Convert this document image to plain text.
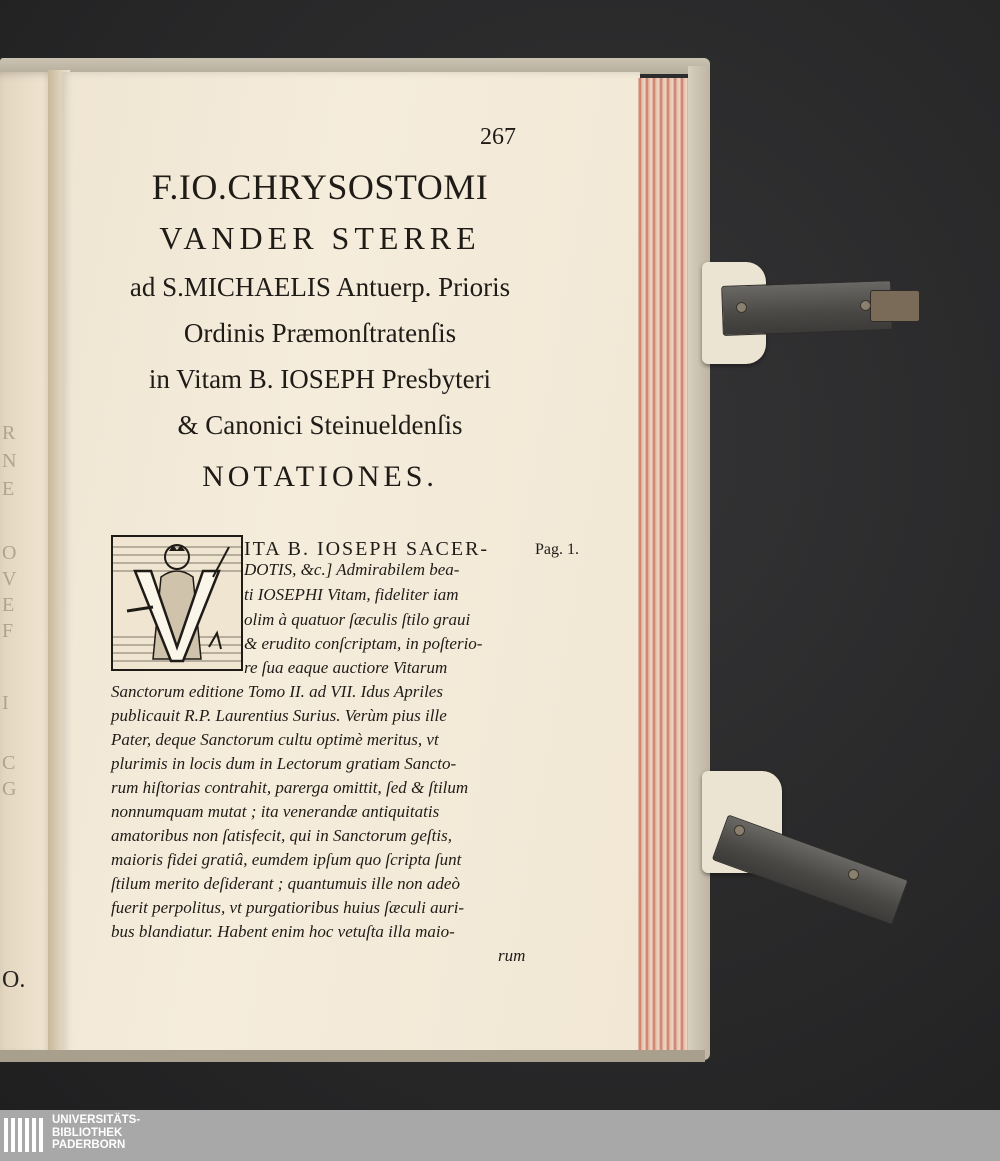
R
N
E
O
V
E
F
I
C
G
O.
267
F.IO.CHRYSOSTOMI
VANDER STERRE
ad S.MICHAELIS Antuerp. Prioris
Ordinis Præmonſtratenſis
in Vitam B. IOSEPH Presbyteri
& Canonici Steinueldenſis
NOTATIONES.
Pag. 1.
ITA B. IOSEPH SACER-
DOTIS, &c.] Admirabilem bea-
ti IOSEPHI Vitam, fideliter iam
olim à quatuor ſæculis ſtilo graui
& erudito conſcriptam, in poſterio-
re ſua eaque auctiore Vitarum
Sanctorum editione Tomo II. ad VII. Idus Apriles
publicauit R.P. Laurentius Surius. Verùm pius ille
Pater, deque Sanctorum cultu optimè meritus, vt
plurimis in locis dum in Lectorum gratiam Sancto-
rum hiſtorias contrahit, parerga omittit, ſed & ſtilum
nonnumquam mutat ; ita venerandæ antiquitatis
amatoribus non ſatisfecit, qui in Sanctorum geſtis,
maioris fidei gratiâ, eumdem ipſum quo ſcripta ſunt
ſtilum merito deſiderant ; quantumuis ille non adeò
fuerit perpolitus, vt purgatioribus huius ſæculi auri-
bus blandiatur. Habent enim hoc vetuſta illa maio-
rum
UNIVERSITÄTS-
BIBLIOTHEK
PADERBORN
